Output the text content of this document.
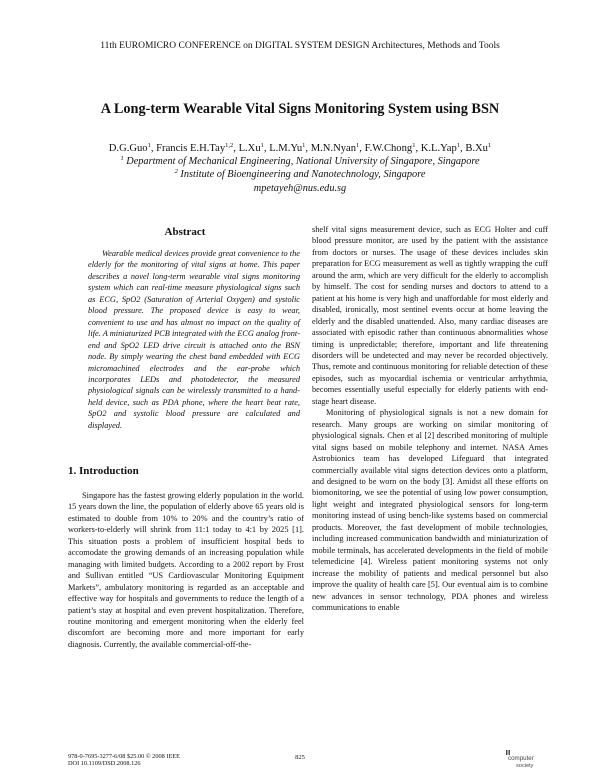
11th EUROMICRO CONFERENCE on DIGITAL SYSTEM DESIGN Architectures, Methods and Tools
A Long-term Wearable Vital Signs Monitoring System using BSN
D.G.Guo$^1$, Francis E.H.Tay$^{1,2}$, L.Xu$^1$, L.M.Yu$^1$, M.N.Nyan$^1$, F.W.Chong$^1$, K.L.Yap$^1$, B.Xu$^1$
$^1$ Department of Mechanical Engineering, National University of Singapore, Singapore
$^2$ Institute of Bioengineering and Nanotechnology, Singapore
mpetayeh@nus.edu.sg
Abstract

Wearable medical devices provide great convenience to the elderly for the monitoring of vital signs at home. This paper describes a novel long-term wearable vital signs monitoring system which can real-time measure physiological signs such as ECG, SpO2 (Saturation of Arterial Oxygen) and systolic blood pressure. The proposed device is easy to wear, convenient to use and has almost no impact on the quality of life. A miniaturized PCB integrated with the ECG analog front-end and SpO2 LED drive circuit is attached onto the BSN node. By simply wearing the chest band embedded with ECG micromachined electrodes and the ear-probe which incorporates LEDs and photodetector, the measured physiological signals can be wirelessly transmitted to a hand-held device, such as PDA phone, where the heart beat rate, SpO2 and systolic blood pressure are calculated and displayed.

1. Introduction

Singapore has the fastest growing elderly population in the world. 15 years down the line, the population of elderly above 65 years old is estimated to double from 10% to 20% and the country’s ratio of workers-to-elderly will shrink from 11:1 today to 4:1 by 2025 [1]. This situation posts a problem of insufficient hospital beds to accomodate the growing demands of an increasing population while managing with limited budgets. According to a 2002 report by Frost and Sullivan entitled “US Cardiovascular Monitoring Equipment Markets”, ambulatory monitoring is regarded as an acceptable and effective way for hospitals and governments to reduce the length of a patient’s stay at hospital and even prevent hospitalization. Therefore, routine monitoring and emergent monitoring when the elderly feel discomfort are becoming more and more important for early diagnosis. Currently, the available commercial-off-the-

shelf vital signs measurement device, such as ECG Holter and cuff blood pressure monitor, are used by the patient with the assistance from doctors or nurses. The usage of these devices includes skin preparation for ECG measurement as well as tightly wrapping the cuff around the arm, which are very difficult for the elderly to accomplish by himself. The cost for sending nurses and doctors to attend to a patient at his home is very high and unaffordable for most elderly and disabled, ironically, most sentinel events occur at home leaving the elderly and the disabled unattended. Also, many cardiac diseases are associated with episodic rather than continuous abnormalities whose timing is unpredictable; therefore, important and life threatening disorders will be undetected and may never be recorded objectively. Thus, remote and continuous monitoring for reliable detection of these episodes, such as myocardial ischemia or ventricular arrhythmia, becomes essentially useful especially for elderly patients with end-stage heart disease.

Monitoring of physiological signals is not a new domain for research. Many groups are working on similar monitoring of physiological signals. Chen et al [2] described monitoring of multiple vital signs based on mobile telephony and internet. NASA Ames Astrobionics team has developed Lifeguard that integrated commercially available vital signs detection devices onto a platform, and designed to be worn on the body [3]. Amidst all these efforts on biomonitoring, we see the potential of using low power consumption, light weight and integrated physiological sensors for long-term monitoring instead of using bench-like systems based on commercial products. Moreover, the fast development of mobile technologies, including increased communication bandwidth and miniaturization of mobile terminals, has accelerated developments in the field of mobile telemedicine [4]. Wireless patient monitoring systems not only increase the mobility of patients and medical personnel but also improve the quality of health care [5]. Our eventual aim is to combine new advances in sensor technology, PDA phones and wireless communications to enable

978-0-7695-3277-6/08 $25.00 © 2008 IEEE
DOI 10.1109/DSD.2008.126
825	computer
society
